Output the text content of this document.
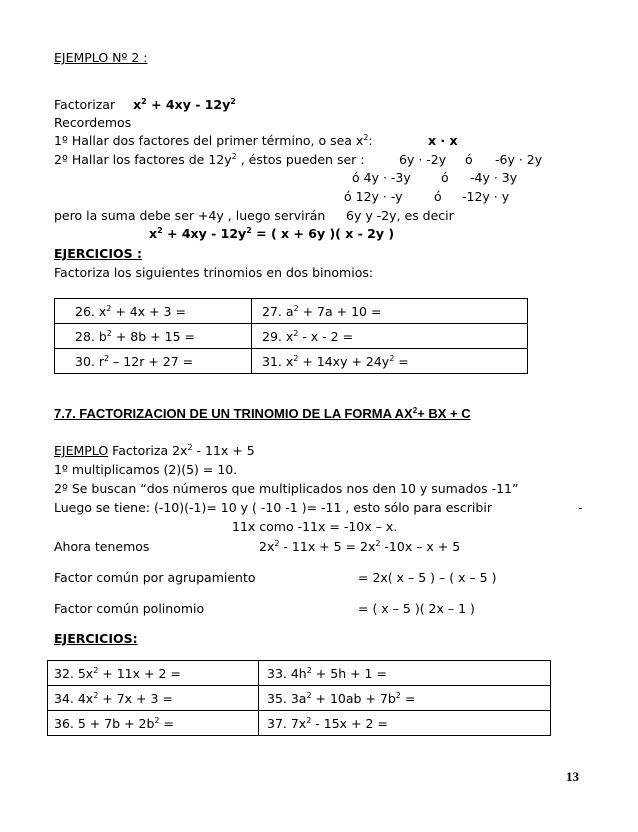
EJEMPLO Nº 2 :
Factorizar $x^2 + 4xy - 12y^2$
Recordemos
1º Hallar dos factores del primer término, o sea $x^2$:	x · x
2º Hallar los factores de $12y^2$ , éstos pueden ser :	6y · -2y ó -6y · 2y
ó 4y · -3y ó -4y · 3y
ó 12y · -y	ó -12y · y
pero la suma debe ser +4y , luego servirán 6y y -2y, es decir
$x^2 + 4xy - 12y^2$ = ( x + 6y )( x - 2y )
EJERCICIOS :
Factoriza los siguientes trinomios en dos binomios:
26. $x^2 + 4x + 3$ =	27. $a^2 + 7a + 10$ =
28. $b^2 + 8b + 15$ =	29. $x^2$ - x - 2 =
30. $r^2 - 12r + 27$ =	31. $x^2 + 14xy + 24y^2$ =
7.7. FACTORIZACION DE UN TRINOMIO DE LA FORMA $AX^2+$ BX + C
EJEMPLO Factoriza $2x^2 - 11x + 5$
1º multiplicamos (2)(5) = 10.
2º Se buscan “dos números que multiplicados nos den 10 y sumados -11”
Luego se tiene: (-10)(-1)= 10 y ( -10 -1 )= -11 , esto sólo para escribir	-
11x como -11x = -10x – x.
Ahora tenemos	$2x^2 - 11x + 5 = 2x^2$ -10x – x + 5
Factor común por agrupamiento	= 2x( x – 5 ) – ( x – 5 )
Factor común polinomio	= ( x – 5 )( 2x – 1 )
EJERCICIOS:
32. $5x^2 + 11x + 2$ =	33. $4h^2 + 5h + 1$ =
34. $4x^2 + 7x + 3$ =	35. $3a^2 + 10ab + 7b^2$ =
36. $5 + 7b + 2b^2$ =	37. $7x^2 - 15x + 2$ =
13
